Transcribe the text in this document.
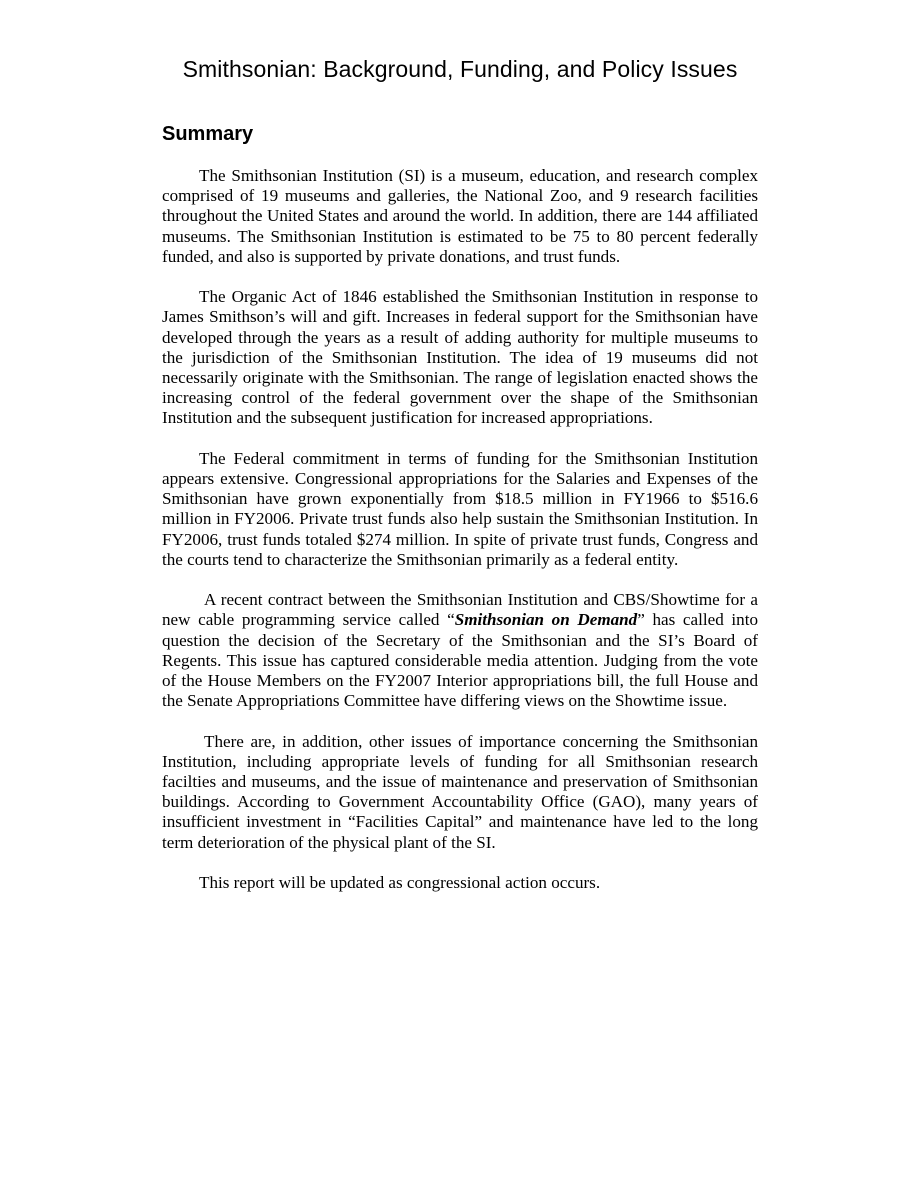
Smithsonian: Background, Funding, and Policy Issues
Summary

The Smithsonian Institution (SI) is a museum, education, and research complex comprised of 19 museums and galleries, the National Zoo, and 9 research facilities throughout the United States and around the world. In addition, there are 144 affiliated museums. The Smithsonian Institution is estimated to be 75 to 80 percent federally funded, and also is supported by private donations, and trust funds.

The Organic Act of 1846 established the Smithsonian Institution in response to James Smithson’s will and gift. Increases in federal support for the Smithsonian have developed through the years as a result of adding authority for multiple museums to the jurisdiction of the Smithsonian Institution. The idea of 19 museums did not necessarily originate with the Smithsonian. The range of legislation enacted shows the increasing control of the federal government over the shape of the Smithsonian Institution and the subsequent justification for increased appropriations.

The Federal commitment in terms of funding for the Smithsonian Institution appears extensive. Congressional appropriations for the Salaries and Expenses of the Smithsonian have grown exponentially from $18.5 million in FY1966 to $516.6 million in FY2006. Private trust funds also help sustain the Smithsonian Institution. In FY2006, trust funds totaled $274 million. In spite of private trust funds, Congress and the courts tend to characterize the Smithsonian primarily as a federal entity.

A recent contract between the Smithsonian Institution and CBS/Showtime for a new cable programming service called “Smithsonian on Demand” has called into question the decision of the Secretary of the Smithsonian and the SI’s Board of Regents. This issue has captured considerable media attention. Judging from the vote of the House Members on the FY2007 Interior appropriations bill, the full House and the Senate Appropriations Committee have differing views on the Showtime issue.

There are, in addition, other issues of importance concerning the Smithsonian Institution, including appropriate levels of funding for all Smithsonian research facilties and museums, and the issue of maintenance and preservation of Smithsonian buildings. According to Government Accountability Office (GAO), many years of insufficient investment in “Facilities Capital” and maintenance have led to the long term deterioration of the physical plant of the SI.

This report will be updated as congressional action occurs.
